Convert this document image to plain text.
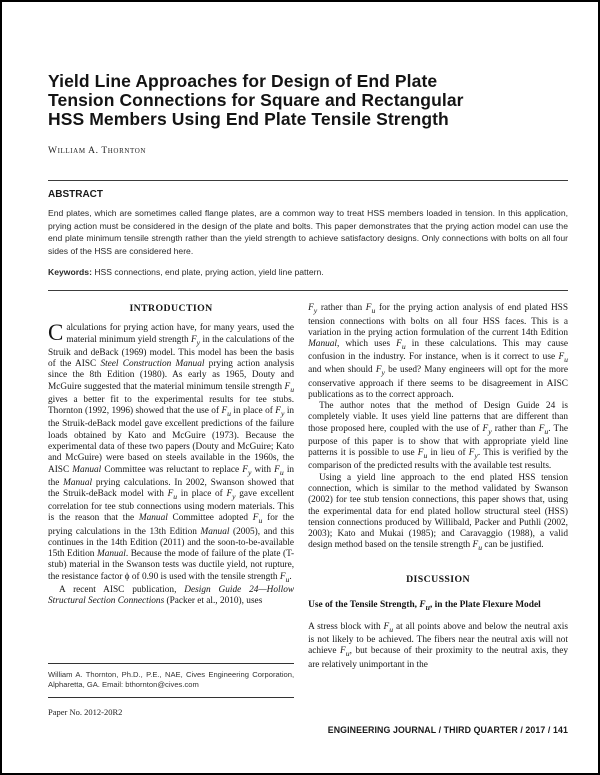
Yield Line Approaches for Design of End Plate
Tension Connections for Square and Rectangular
HSS Members Using End Plate Tensile Strength
William A. Thornton
ABSTRACT
End plates, which are sometimes called flange plates, are a common way to treat HSS members loaded in tension. In this application, prying action must be considered in the design of the plate and bolts. This paper demonstrates that the prying action model can use the end plate minimum tensile strength rather than the yield strength to achieve satisfactory designs. Only connections with bolts on all four sides of the HSS are considered here.
Keywords: HSS connections, end plate, prying action, yield line pattern.
INTRODUCTION

Calculations for prying action have, for many years, used the material minimum yield strength $F_y$ in the calculations of the Struik and deBack (1969) model. This model has been the basis of the AISC Steel Construction Manual prying action analysis since the 8th Edition (1980). As early as 1965, Douty and McGuire suggested that the material minimum tensile strength $F_u$ gives a better fit to the experimental results for tee stubs. Thornton (1992, 1996) showed that the use of $F_u$ in place of $F_y$ in the Struik-deBack model gave excellent predictions of the failure loads obtained by Kato and McGuire (1973). Because the experimental data of these two papers (Douty and McGuire; Kato and McGuire) were based on steels available in the 1960s, the AISC Manual Committee was reluctant to replace $F_y$ with $F_u$ in the Manual prying calculations. In 2002, Swanson showed that the Struik-deBack model with $F_u$ in place of $F_y$ gave excellent correlation for tee stub connections using modern materials. This is the reason that the Manual Committee adopted $F_u$ for the prying calculations in the 13th Edition Manual (2005), and this continues in the 14th Edition (2011) and the soon-to-be-available 15th Edition Manual. Because the mode of failure of the plate (T-stub) material in the Swanson tests was ductile yield, not rupture, the resistance factor ϕ of 0.90 is used with the tensile strength $F_u$.

A recent AISC publication, Design Guide 24—Hollow Structural Section Connections (Packer et al., 2010), uses

William A. Thornton, Ph.D., P.E., NAE, Cives Engineering Corporation, Alpharetta, GA. Email: bthornton@cives.com
Paper No. 2012-20R2

$F_y$ rather than $F_u$ for the prying action analysis of end plated HSS tension connections with bolts on all four HSS faces. This is a variation in the prying action formulation of the current 14th Edition Manual, which uses $F_u$ in these calculations. This may cause confusion in the industry. For instance, when is it correct to use $F_u$ and when should $F_y$ be used? Many engineers will opt for the more conservative approach if there seems to be disagreement in AISC publications as to the correct approach.

The author notes that the method of Design Guide 24 is completely viable. It uses yield line patterns that are different than those proposed here, coupled with the use of $F_y$ rather than $F_u$. The purpose of this paper is to show that with appropriate yield line patterns it is possible to use $F_u$ in lieu of $F_y$. This is verified by the comparison of the predicted results with the available test results.

Using a yield line approach to the end plated HSS tension connection, which is similar to the method validated by Swanson (2002) for tee stub tension connections, this paper shows that, using the experimental data for end plated hollow structural steel (HSS) tension connections produced by Willibald, Packer and Puthli (2002, 2003); Kato and Mukai (1985); and Caravaggio (1988), a valid design method based on the tensile strength $F_u$ can be justified.

DISCUSSION
Use of the Tensile Strength, $F_u$, in the Plate Flexure Model

A stress block with $F_u$ at all points above and below the neutral axis is not likely to be achieved. The fibers near the neutral axis will not achieve $F_u$, but because of their proximity to the neutral axis, they are relatively unimportant in the

ENGINEERING JOURNAL / THIRD QUARTER / 2017 / 141
